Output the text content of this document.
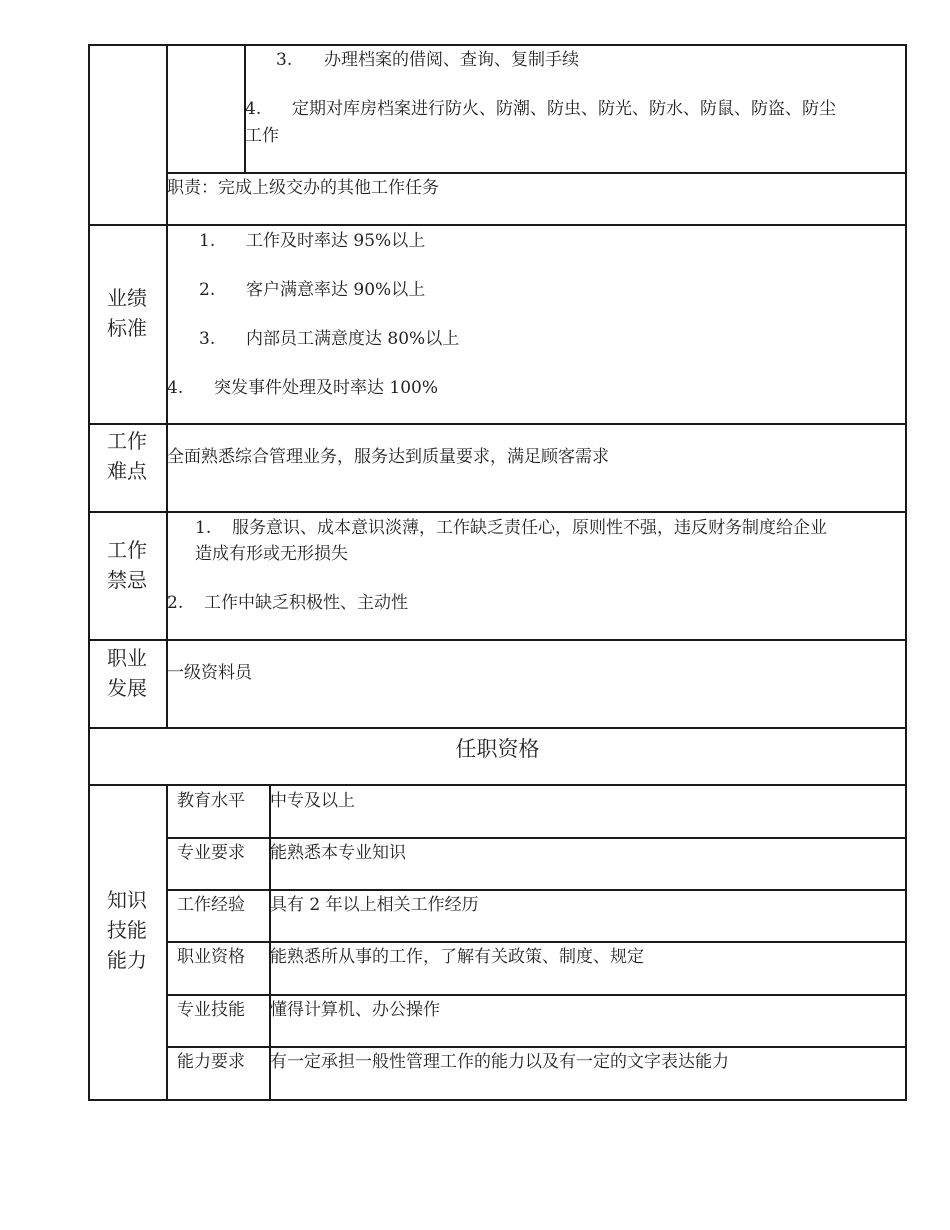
3. 办理档案的借阅、查询、复制手续
4. 定期对库房档案进行防火、防潮、防虫、防光、防水、防鼠、防盗、防尘
工作
职责：完成上级交办的其他工作任务
业绩
标准
1. 工作及时率达 95%以上
2. 客户满意率达 90%以上
3. 内部员工满意度达 80%以上
4. 突发事件处理及时率达 100%
工作
难点
全面熟悉综合管理业务，服务达到质量要求，满足顾客需求
工作
禁忌
1. 服务意识、成本意识淡薄，工作缺乏责任心，原则性不强，违反财务制度给企业
造成有形或无形损失
2. 工作中缺乏积极性、主动性
职业
发展
一级资料员
任职资格
知识
技能
能力
教育水平 中专及以上
专业要求 能熟悉本专业知识
工作经验 具有 2 年以上相关工作经历
职业资格 能熟悉所从事的工作，了解有关政策、制度、规定
专业技能 懂得计算机、办公操作
能力要求 有一定承担一般性管理工作的能力以及有一定的文字表达能力
